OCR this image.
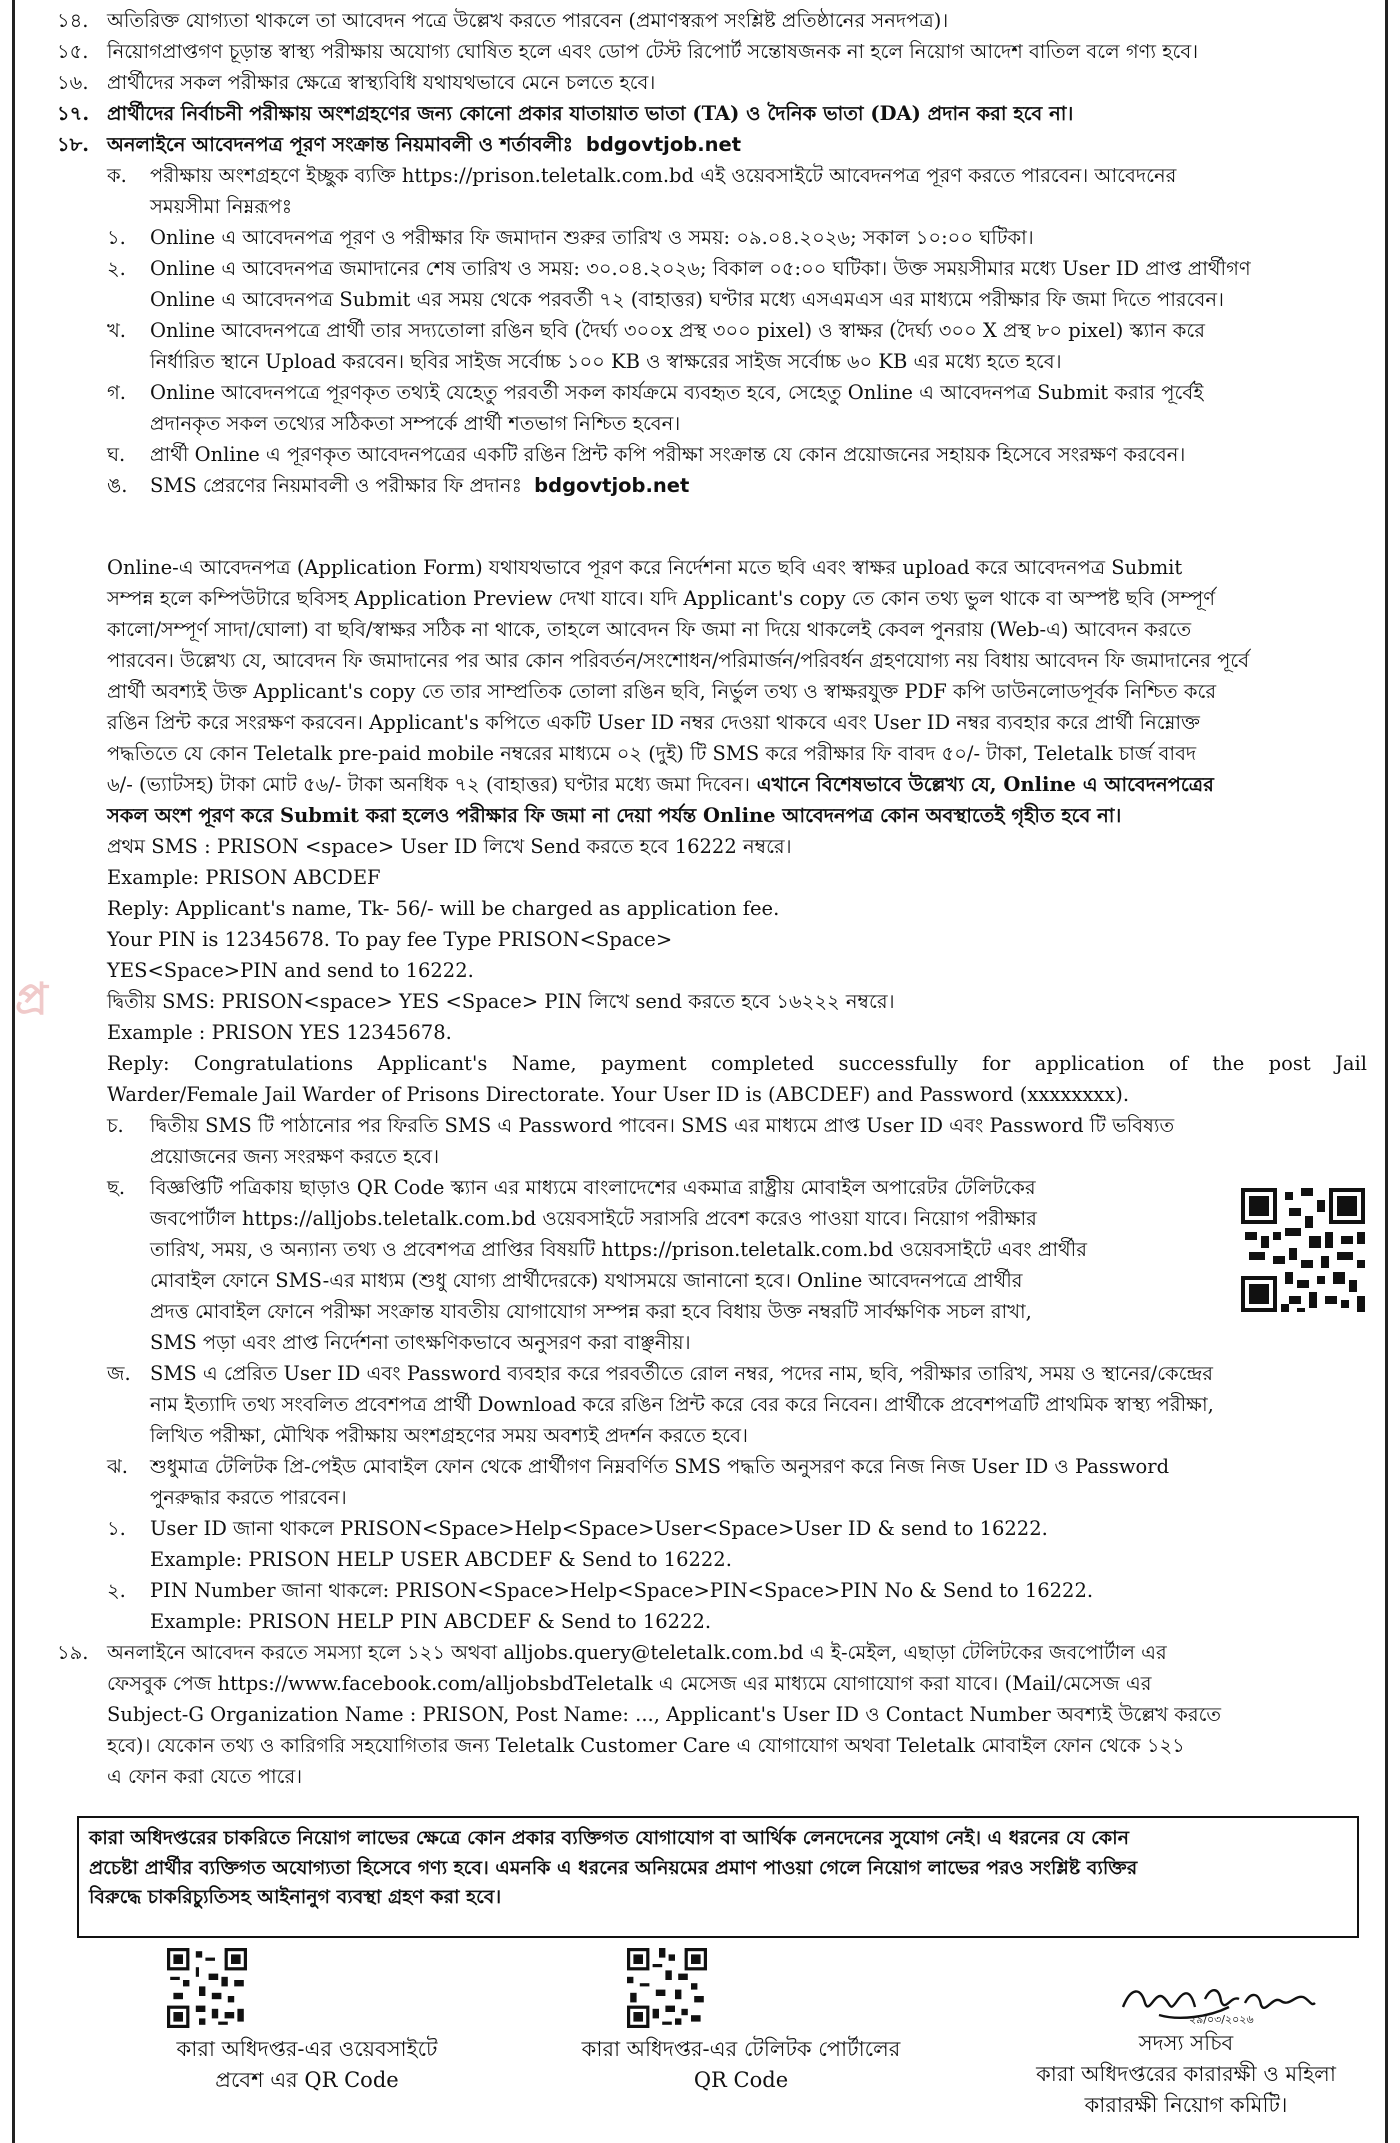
১৪. অতিরিক্ত যোগ্যতা থাকলে তা আবেদন পত্রে উল্লেখ করতে পারবেন (প্রমাণস্বরূপ সংশ্লিষ্ট প্রতিষ্ঠানের সনদপত্র)।
১৫. নিয়োগপ্রাপ্তগণ চূড়ান্ত স্বাস্থ্য পরীক্ষায় অযোগ্য ঘোষিত হলে এবং ডোপ টেস্ট রিপোর্ট সন্তোষজনক না হলে নিয়োগ আদেশ বাতিল বলে গণ্য হবে।
১৬. প্রার্থীদের সকল পরীক্ষার ক্ষেত্রে স্বাস্থ্যবিধি যথাযথভাবে মেনে চলতে হবে।
১৭. প্রার্থীদের নির্বাচনী পরীক্ষায় অংশগ্রহণের জন্য কোনো প্রকার যাতায়াত ভাতা (TA) ও দৈনিক ভাতা (DA) প্রদান করা হবে না।
১৮. অনলাইনে আবেদনপত্র পূরণ সংক্রান্ত নিয়মাবলী ও শর্তাবলীঃ bdgovtjob.net
ক.	পরীক্ষায় অংশগ্রহণে ইচ্ছুক ব্যক্তি https://prison.teletalk.com.bd এই ওয়েবসাইটে আবেদনপত্র পূরণ করতে পারবেন। আবেদনের
সময়সীমা নিম্নরূপঃ
১.	Online এ আবেদনপত্র পূরণ ও পরীক্ষার ফি জমাদান শুরুর তারিখ ও সময়: ০৯.০৪.২০২৬; সকাল ১০:০০ ঘটিকা।
২.	Online এ আবেদনপত্র জমাদানের শেষ তারিখ ও সময়: ৩০.০৪.২০২৬; বিকাল ০৫:০০ ঘটিকা। উক্ত সময়সীমার মধ্যে User ID প্রাপ্ত প্রার্থীগণ
Online এ আবেদনপত্র Submit এর সময় থেকে পরবর্তী ৭২ (বাহাত্তর) ঘণ্টার মধ্যে এসএমএস এর মাধ্যমে পরীক্ষার ফি জমা দিতে পারবেন।
খ.	Online আবেদনপত্রে প্রার্থী তার সদ্যতোলা রঙিন ছবি (দৈর্ঘ্য ৩০০x প্রস্থ ৩০০ pixel) ও স্বাক্ষর (দৈর্ঘ্য ৩০০ X প্রস্থ ৮০ pixel) স্ক্যান করে
নির্ধারিত স্থানে Upload করবেন। ছবির সাইজ সর্বোচ্চ ১০০ KB ও স্বাক্ষরের সাইজ সর্বোচ্চ ৬০ KB এর মধ্যে হতে হবে।
গ.	Online আবেদনপত্রে পূরণকৃত তথ্যই যেহেতু পরবর্তী সকল কার্যক্রমে ব্যবহৃত হবে, সেহেতু Online এ আবেদনপত্র Submit করার পূর্বেই
প্রদানকৃত সকল তথ্যের সঠিকতা সম্পর্কে প্রার্থী শতভাগ নিশ্চিত হবেন।
ঘ.	প্রার্থী Online এ পূরণকৃত আবেদনপত্রের একটি রঙিন প্রিন্ট কপি পরীক্ষা সংক্রান্ত যে কোন প্রয়োজনের সহায়ক হিসেবে সংরক্ষণ করবেন।
ঙ.	SMS প্রেরণের নিয়মাবলী ও পরীক্ষার ফি প্রদানঃ bdgovtjob.net
Online-এ আবেদনপত্র (Application Form) যথাযথভাবে পূরণ করে নির্দেশনা মতে ছবি এবং স্বাক্ষর upload করে আবেদনপত্র Submit
সম্পন্ন হলে কম্পিউটারে ছবিসহ Application Preview দেখা যাবে। যদি Applicant's copy তে কোন তথ্য ভুল থাকে বা অস্পষ্ট ছবি (সম্পূর্ণ
কালো/সম্পূর্ণ সাদা/ঘোলা) বা ছবি/স্বাক্ষর সঠিক না থাকে, তাহলে আবেদন ফি জমা না দিয়ে থাকলেই কেবল পুনরায় (Web-এ) আবেদন করতে
পারবেন। উল্লেখ্য যে, আবেদন ফি জমাদানের পর আর কোন পরিবর্তন/সংশোধন/পরিমার্জন/পরিবর্ধন গ্রহণযোগ্য নয় বিধায় আবেদন ফি জমাদানের পূর্বে
প্রার্থী অবশ্যই উক্ত Applicant's copy তে তার সাম্প্রতিক তোলা রঙিন ছবি, নির্ভুল তথ্য ও স্বাক্ষরযুক্ত PDF কপি ডাউনলোডপূর্বক নিশ্চিত করে
রঙিন প্রিন্ট করে সংরক্ষণ করবেন। Applicant's কপিতে একটি User ID নম্বর দেওয়া থাকবে এবং User ID নম্বর ব্যবহার করে প্রার্থী নিম্নোক্ত
পদ্ধতিতে যে কোন Teletalk pre-paid mobile নম্বরের মাধ্যমে ০২ (দুই) টি SMS করে পরীক্ষার ফি বাবদ ৫০/- টাকা, Teletalk চার্জ বাবদ
৬/- (ভ্যাটসহ) টাকা মোট ৫৬/- টাকা অনধিক ৭২ (বাহাত্তর) ঘণ্টার মধ্যে জমা দিবেন। এখানে বিশেষভাবে উল্লেখ্য যে, Online এ আবেদনপত্রের
সকল অংশ পূরণ করে Submit করা হলেও পরীক্ষার ফি জমা না দেয়া পর্যন্ত Online আবেদনপত্র কোন অবস্থাতেই গৃহীত হবে না।
প্রথম SMS : PRISON <space> User ID লিখে Send করতে হবে 16222 নম্বরে।
Example: PRISON ABCDEF
Reply: Applicant's name, Tk- 56/- will be charged as application fee.
Your PIN is 12345678. To pay fee Type PRISON<Space>
YES<Space>PIN and send to 16222.
দ্বিতীয় SMS: PRISON<space> YES <Space> PIN লিখে send করতে হবে ১৬২২২ নম্বরে।
Example : PRISON YES 12345678.
Reply: Congratulations Applicant's Name, payment completed successfully for application of the post Jail
Warder/Female Jail Warder of Prisons Directorate. Your User ID is (ABCDEF) and Password (xxxxxxxx).
চ.	দ্বিতীয় SMS টি পাঠানোর পর ফিরতি SMS এ Password পাবেন। SMS এর মাধ্যমে প্রাপ্ত User ID এবং Password টি ভবিষ্যত
প্রয়োজনের জন্য সংরক্ষণ করতে হবে।
ছ.	বিজ্ঞপ্তিটি পত্রিকায় ছাড়াও QR Code স্ক্যান এর মাধ্যমে বাংলাদেশের একমাত্র রাষ্ট্রীয় মোবাইল অপারেটর টেলিটকের
জবপোর্টাল https://alljobs.teletalk.com.bd ওয়েবসাইটে সরাসরি প্রবেশ করেও পাওয়া যাবে। নিয়োগ পরীক্ষার
তারিখ, সময়, ও অন্যান্য তথ্য ও প্রবেশপত্র প্রাপ্তির বিষয়টি https://prison.teletalk.com.bd ওয়েবসাইটে এবং প্রার্থীর
মোবাইল ফোনে SMS-এর মাধ্যম (শুধু যোগ্য প্রার্থীদেরকে) যথাসময়ে জানানো হবে। Online আবেদনপত্রে প্রার্থীর
প্রদত্ত মোবাইল ফোনে পরীক্ষা সংক্রান্ত যাবতীয় যোগাযোগ সম্পন্ন করা হবে বিধায় উক্ত নম্বরটি সার্বক্ষণিক সচল রাখা,
SMS পড়া এবং প্রাপ্ত নির্দেশনা তাৎক্ষণিকভাবে অনুসরণ করা বাঞ্ছনীয়।
জ. SMS এ প্রেরিত User ID এবং Password ব্যবহার করে পরবর্তীতে রোল নম্বর, পদের নাম, ছবি, পরীক্ষার তারিখ, সময় ও স্থানের/কেন্দ্রের
নাম ইত্যাদি তথ্য সংবলিত প্রবেশপত্র প্রার্থী Download করে রঙিন প্রিন্ট করে বের করে নিবেন। প্রার্থীকে প্রবেশপত্রটি প্রাথমিক স্বাস্থ্য পরীক্ষা,
লিখিত পরীক্ষা, মৌখিক পরীক্ষায় অংশগ্রহণের সময় অবশ্যই প্রদর্শন করতে হবে।
ঝ.	শুধুমাত্র টেলিটক প্রি-পেইড মোবাইল ফোন থেকে প্রার্থীগণ নিম্নবর্ণিত SMS পদ্ধতি অনুসরণ করে নিজ নিজ User ID ও Password
পুনরুদ্ধার করতে পারবেন।
১.	User ID জানা থাকলে PRISON<Space>Help<Space>User<Space>User ID & send to 16222.
Example: PRISON HELP USER ABCDEF & Send to 16222.
২.	PIN Number জানা থাকলে: PRISON<Space>Help<Space>PIN<Space>PIN No & Send to 16222.
Example: PRISON HELP PIN ABCDEF & Send to 16222.
১৯. অনলাইনে আবেদন করতে সমস্যা হলে ১২১ অথবা alljobs.query@teletalk.com.bd এ ই-মেইল, এছাড়া টেলিটকের জবপোর্টাল এর
ফেসবুক পেজ https://www.facebook.com/alljobsbdTeletalk এ মেসেজ এর মাধ্যমে যোগাযোগ করা যাবে। (Mail/মেসেজ এর
Subject-G Organization Name : PRISON, Post Name: ..., Applicant's User ID ও Contact Number অবশ্যই উল্লেখ করতে
হবে)। যেকোন তথ্য ও কারিগরি সহযোগিতার জন্য Teletalk Customer Care এ যোগাযোগ অথবা Teletalk মোবাইল ফোন থেকে ১২১
এ ফোন করা যেতে পারে।
প্র
কারা অধিদপ্তরের চাকরিতে নিয়োগ লাভের ক্ষেত্রে কোন প্রকার ব্যক্তিগত যোগাযোগ বা আর্থিক লেনদেনের সুযোগ নেই। এ ধরনের যে কোন
প্রচেষ্টা প্রার্থীর ব্যক্তিগত অযোগ্যতা হিসেবে গণ্য হবে। এমনকি এ ধরনের অনিয়মের প্রমাণ পাওয়া গেলে নিয়োগ লাভের পরও সংশ্লিষ্ট ব্যক্তির
বিরুদ্ধে চাকরিচ্যুতিসহ আইনানুগ ব্যবস্থা গ্রহণ করা হবে।
কারা অধিদপ্তর-এর ওয়েবসাইটে
প্রবেশ এর QR Code
কারা অধিদপ্তর-এর টেলিটক পোর্টালের
QR Code
২৯/০৩/২০২৬
সদস্য সচিব
কারা অধিদপ্তরের কারারক্ষী ও মহিলা
কারারক্ষী নিয়োগ কমিটি।
